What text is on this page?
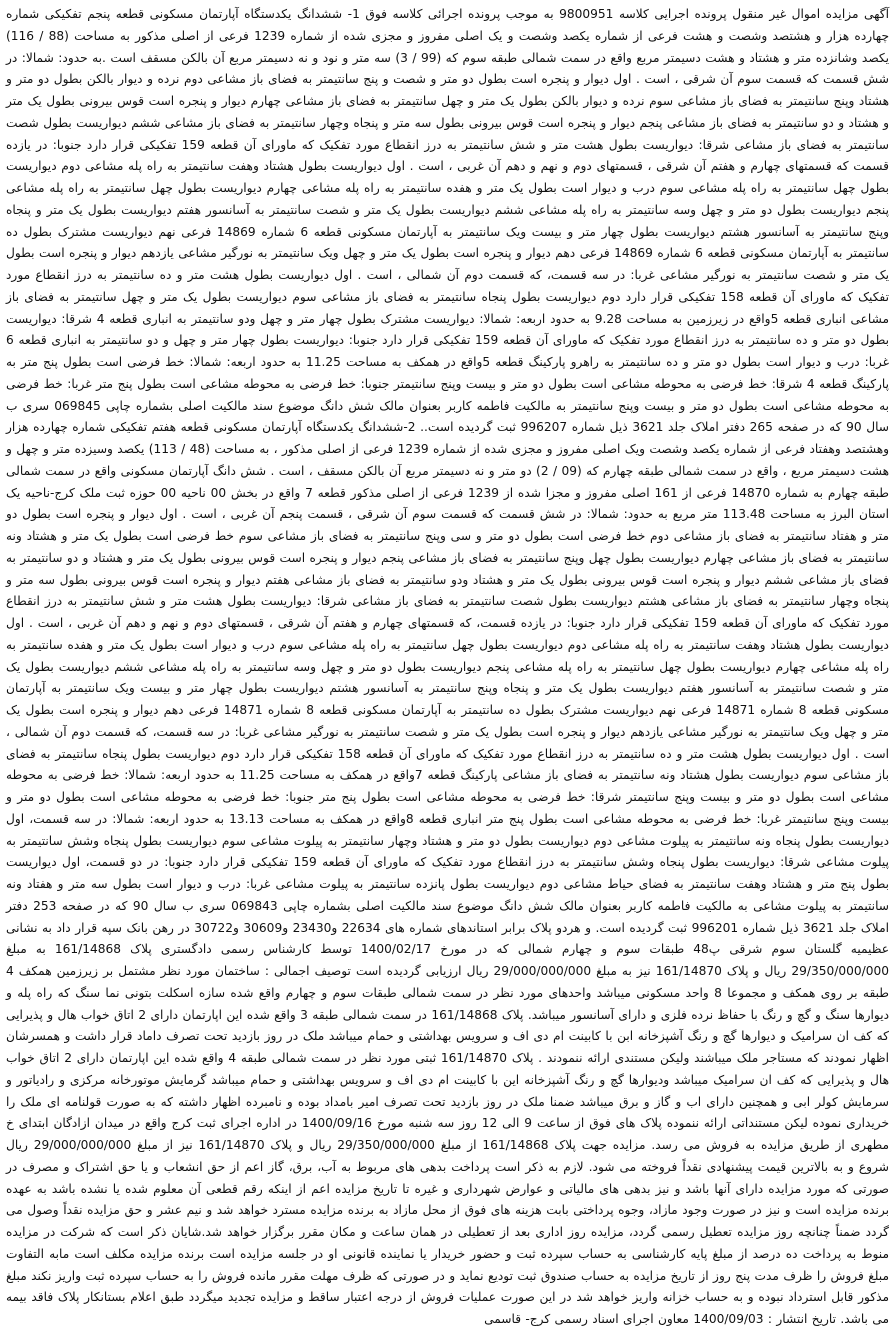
آگهی مزایده اموال غیر منقول پرونده اجرایی کلاسه 9800951 به موجب پرونده اجرائی کلاسه فوق 1- ششدانگ یکدستگاه آپارتمان مسکونی قطعه پنجم تفکیکی شماره چهارده هزار و هشتصد وشصت و هشت فرعی از شماره یکصد وشصت و یک اصلی مفروز و مجزی شده از شماره 1239 فرعی از اصلی مذکور به مساحت (88 / 116) یکصد وشانزده متر و هشتاد و هشت دسیمتر مربع واقع در سمت شمالی طبقه سوم که (99 / 3) سه متر و نود و نه دسیمتر مربع آن بالکن مسقف است .به حدود: شمالا: در شش قسمت که قسمت سوم آن شرقی ، است . اول دیوار و پنجره است بطول دو متر و شصت و پنج سانتیمتر به فضای باز مشاعی دوم نرده و دیوار بالکن بطول دو متر و هشتاد وپنج سانتیمتر به فضای باز مشاعی سوم نرده و دیوار بالکن بطول یک متر و چهل سانتیمتر به فضای باز مشاعی چهارم دیوار و پنجره است قوس بیرونی بطول یک متر و هشتاد و دو سانتیمتر به فضای باز مشاعی پنجم دیوار و پنجره است قوس بیرونی بطول سه متر و پنجاه وچهار سانتیمتر به فضای باز مشاعی ششم دیواریست بطول شصت سانتیمتر به فضای باز مشاعی شرقا: دیواریست بطول هشت متر و شش سانتیمتر به درز انقطاع مورد تفکیک که ماورای آن قطعه 159 تفکیکی قرار دارد جنوبا: در یازده قسمت که قسمتهای چهارم و هفتم آن شرقی ، قسمتهای دوم و نهم و دهم آن غربی ، است . اول دیواریست بطول هشتاد وهفت سانتیمتر به راه پله مشاعی دوم دیواریست بطول چهل سانتیمتر به راه پله مشاعی سوم درب و دیوار است بطول یک متر و هفده سانتیمتر به راه پله مشاعی چهارم دیواریست بطول چهل سانتیمتر به راه پله مشاعی پنجم دیواریست بطول دو متر و چهل وسه سانتیمتر به راه پله مشاعی ششم دیواریست بطول یک متر و شصت سانتیمتر به آسانسور هفتم دیواریست بطول یک متر و پنجاه وپنج سانتیمتر به آسانسور هشتم دیواریست بطول چهار متر و بیست ویک سانتیمتر به آپارتمان مسکونی قطعه 6 شماره 14869 فرعی نهم دیواریست مشترک بطول ده سانتیمتر به آپارتمان مسکونی قطعه 6 شماره 14869 فرعی دهم دیوار و پنجره است بطول یک متر و چهل ویک سانتیمتر به نورگیر مشاعی یازدهم دیوار و پنجره است بطول یک متر و شصت سانتیمتر به نورگیر مشاعی غربا: در سه قسمت، که قسمت دوم آن شمالی ، است . اول دیواریست بطول هشت متر و ده سانتیمتر به درز انقطاع مورد تفکیک که ماورای آن قطعه 158 تفکیکی قرار دارد دوم دیواریست بطول پنجاه سانتیمتر به فضای باز مشاعی سوم دیواریست بطول یک متر و چهل سانتیمتر به فضای باز مشاعی انباری قطعه 5واقع در زیرزمین به مساحت 9.28 به حدود اربعه: شمالا: دیواریست مشترک بطول چهار متر و چهل ودو سانتیمتر به انباری قطعه 4 شرقا: دیواریست بطول دو متر و ده سانتیمتر به درز انقطاع مورد تفکیک که ماورای آن قطعه 159 تفکیکی قرار دارد جنوبا: دیواریست بطول چهار متر و چهل و دو سانتیمتر به انباری قطعه 6 غربا: درب و دیوار است بطول دو متر و ده سانتیمتر به راهرو پارکینگ قطعه 5واقع در همکف به مساحت 11.25 به حدود اربعه: شمالا: خط فرضی است بطول پنج متر به پارکینگ قطعه 4 شرقا: خط فرضی به محوطه مشاعی است بطول دو متر و بیست وپنج سانتیمتر جنوبا: خط فرضی به محوطه مشاعی است بطول پنج متر غربا: خط فرضی به محوطه مشاعی است بطول دو متر و بیست وپنج سانتیمتر به مالکیت فاطمه کاربر بعنوان مالک شش دانگ موضوع سند مالکیت اصلی بشماره چاپی 069845 سری ب سال 90 که در صفحه 265 دفتر املاک جلد 3621 ذیل شماره 996207 ثبت گردیده است.. 2-ششدانگ یکدستگاه آپارتمان مسکونی قطعه هفتم تفکیکی شماره چهارده هزار وهشتصد وهفتاد فرعی از شماره یکصد وشصت ویک اصلی مفروز و مجزی شده از شماره 1239 فرعی از اصلی مذکور ، به مساحت (48 / 113) یکصد وسیزده متر و چهل و هشت دسیمتر مربع ، واقع در سمت شمالی طبقه چهارم که (09 / 2) دو متر و نه دسیمتر مربع آن بالکن مسقف ، است . شش دانگ آپارتمان مسکونی واقع در سمت شمالی طبقه چهارم به شماره 14870 فرعی از 161 اصلی مفروز و مجزا شده از 1239 فرعی از اصلی مذکور قطعه 7 واقع در بخش 00 ناحیه 00 حوزه ثبت ملک کرج-ناحیه یک استان البرز به مساحت 113.48 متر مربع به حدود: شمالا: در شش قسمت که قسمت سوم آن شرقی ، قسمت پنجم آن غربی ، است . اول دیوار و پنجره است بطول دو متر و هفتاد سانتیمتر به فضای باز مشاعی دوم خط فرضی است بطول دو متر و سی وپنج سانتیمتر به فضای باز مشاعی سوم خط فرضی است بطول یک متر و هشتاد ونه سانتیمتر به فضای باز مشاعی چهارم دیواریست بطول چهل وپنج سانتیمتر به فضای باز مشاعی پنجم دیوار و پنجره است قوس بیرونی بطول یک متر و هشتاد و دو سانتیمتر به فضای باز مشاعی ششم دیوار و پنجره است قوس بیرونی بطول یک متر و هشتاد ودو سانتیمتر به فضای باز مشاعی هفتم دیوار و پنجره است قوس بیرونی بطول سه متر و پنجاه وچهار سانتیمتر به فضای باز مشاعی هشتم دیواریست بطول شصت سانتیمتر به فضای باز مشاعی شرقا: دیواریست بطول هشت متر و شش سانتیمتر به درز انقطاع مورد تفکیک که ماورای آن قطعه 159 تفکیکی قرار دارد جنوبا: در یازده قسمت، که قسمتهای چهارم و هفتم آن شرقی ، قسمتهای دوم و نهم و دهم آن غربی ، است . اول دیواریست بطول هشتاد وهفت سانتیمتر به راه پله مشاعی دوم دیواریست بطول چهل سانتیمتر به راه پله مشاعی سوم درب و دیوار است بطول یک متر و هفده سانتیمتر به راه پله مشاعی چهارم دیواریست بطول چهل سانتیمتر به راه پله مشاعی پنجم دیواریست بطول دو متر و چهل وسه سانتیمتر به راه پله مشاعی ششم دیواریست بطول یک متر و شصت سانتیمتر به آسانسور هفتم دیواریست بطول یک متر و پنجاه وپنج سانتیمتر به آسانسور هشتم دیواریست بطول چهار متر و بیست ویک سانتیمتر به آپارتمان مسکونی قطعه 8 شماره 14871 فرعی نهم دیواریست مشترک بطول ده سانتیمتر به آپارتمان مسکونی قطعه 8 شماره 14871 فرعی دهم دیوار و پنجره است بطول یک متر و چهل ویک سانتیمتر به نورگیر مشاعی یازدهم دیوار و پنجره است بطول یک متر و شصت سانتیمتر به نورگیر مشاعی غربا: در سه قسمت، که قسمت دوم آن شمالی ، است . اول دیواریست بطول هشت متر و ده سانتیمتر به درز انقطاع مورد تفکیک که ماورای آن قطعه 158 تفکیکی قرار دارد دوم دیواریست بطول پنجاه سانتیمتر به فضای باز مشاعی سوم دیواریست بطول هشتاد ونه سانتیمتر به فضای باز مشاعی پارکینگ قطعه 7واقع در همکف به مساحت 11.25 به حدود اربعه: شمالا: خط فرضی به محوطه مشاعی است بطول دو متر و بیست وپنج سانتیمتر شرقا: خط فرضی به محوطه مشاعی است بطول پنج متر جنوبا: خط فرضی به محوطه مشاعی است بطول دو متر و بیست وپنج سانتیمتر غربا: خط فرضی به محوطه مشاعی است بطول پنج متر انباری قطعه 8واقع در همکف به مساحت 13.13 به حدود اربعه: شمالا: در سه قسمت، اول دیواریست بطول پنجاه ونه سانتیمتر به پیلوت مشاعی دوم دیواریست بطول دو متر و هشتاد وچهار سانتیمتر به پیلوت مشاعی سوم دیواریست بطول پنجاه وشش سانتیمتر به پیلوت مشاعی شرقا: دیواریست بطول پنجاه وشش سانتیمتر به درز انقطاع مورد تفکیک که ماورای آن قطعه 159 تفکیکی قرار دارد جنوبا: در دو قسمت، اول دیواریست بطول پنج متر و هشتاد وهفت سانتیمتر به فضای حیاط مشاعی دوم دیواریست بطول پانزده سانتیمتر به پیلوت مشاعی غربا: درب و دیوار است بطول سه متر و هفتاد ونه سانتیمتر به پیلوت مشاعی به مالکیت فاطمه کاربر بعنوان مالک شش دانگ موضوع سند مالکیت اصلی بشماره چاپی 069843 سری ب سال 90 که در صفحه 253 دفتر املاک جلد 3621 ذیل شماره 996201 ثبت گردیده است. و هردو پلاک برابر استاندهای شماره های 22634 و23430 و30609 و30722 در رهن بانک سپه قرار داد به نشانی عظیمیه گلستان سوم شرقی پ48 طبقات سوم و چهارم شمالی که در مورخ 1400/02/17 توسط کارشناس رسمی دادگستری پلاک 161/14868 به مبلغ 29/350/000/000 ریال و پلاک 161/14870 نیز به مبلغ 29/000/000/000 ریال ارزیابی گردیده است توصیف اجمالی : ساختمان مورد نظر مشتمل بر زیرزمین همکف 4 طبقه بر روی همکف و مجموعا 8 واحد مسکونی میباشد واحدهای مورد نظر در سمت شمالی طبقات سوم و چهارم واقع شده سازه اسکلت بتونی نما سنگ که راه پله و دیوارها سنگ و گچ و رنگ با حفاظ نرده فلزی و دارای آسانسور میباشد. پلاک 161/14868 در سمت شمالی طبقه 3 واقع شده این اپارتمان دارای 2 اتاق خواب هال و پذیرایی که کف ان سرامیک و دیوارها گچ و رنگ آشپزخانه ابن با کابینت ام دی اف و سرویس بهداشتی و حمام میباشد ملک در روز بازدید تحت تصرف داماد قرار داشت و همسرشان اظهار نمودند که مستاجر ملک میباشند ولیکن مستندی ارائه ننمودند . پلاک 161/14870 ثبتی مورد نظر در سمت شمالی طبقه 4 واقع شده این اپارتمان دارای 2 اتاق خواب هال و پذیرایی که کف ان سرامیک میباشد ودیوارها گچ و رنگ آشپزخانه این با کابینت ام دی اف و سرویس بهداشتی و حمام میباشد گرمایش موتورخانه مرکزی و رادیاتور و سرمایش کولر ابی و همچنین دارای اب و گاز و برق میباشد ضمنا ملک در روز بازدید تحت تصرف امیر بامداد بوده و نامبرده اظهار داشته که به صورت قولنامه ای ملک را خریداری نموده لیکن مستنداتی ارائه ننموده پلاک های فوق از ساعت 9 الی 12 روز سه شنبه مورخ 1400/09/16 در اداره اجرای ثبت کرج واقع در میدان ازادگان ابتدای خ مطهری از طریق مزایده به فروش می رسد. مزایده جهت پلاک 161/14868 از مبلغ 29/350/000/000 ریال و پلاک 161/14870 نیز از مبلغ 29/000/000/000 ریال شروع و به بالاترین قیمت پیشنهادی نقداً فروخته می شود. لازم به ذکر است پرداخت بدهی های مربوط به آب، برق، گاز اعم از حق انشعاب و یا حق اشتراک و مصرف در صورتی که مورد مزایده دارای آنها باشد و نیز بدهی های مالیاتی و عوارض شهرداری و غیره تا تاریخ مزایده اعم از اینکه رقم قطعی آن معلوم شده یا نشده باشد به عهده برنده مزایده است و نیز در صورت وجود مازاد، وجوه پرداختی بابت هزینه های فوق از محل مازاد به برنده مزایده مسترد خواهد شد و نیم عشر و حق مزایده نقداً وصول می گردد ضمناً چنانچه روز مزایده تعطیل رسمی گردد، مزایده روز اداری بعد از تعطیلی در همان ساعت و مکان مقرر برگزار خواهد شد.شایان ذکر است که شرکت در مزایده منوط به پرداخت ده درصد از مبلغ پایه کارشناسی به حساب سپرده ثبت و حضور خریدار یا نماینده قانونی او در جلسه مزایده است برنده مزایده مکلف است مابه التفاوت مبلغ فروش را ظرف مدت پنج روز از تاریخ مزایده به حساب صندوق ثبت تودیع نماید و در صورتی که ظرف مهلت مقرر مانده فروش را به حساب سپرده ثبت واریز نکند مبلغ مذکور قابل استرداد نبوده و به حساب خزانه واریز خواهد شد در این صورت عملیات فروش از درجه اعتبار ساقط و مزایده تجدید میگردد طبق اعلام بستانکار پلاک فاقد بیمه می باشد. تاریخ انتشار : 1400/09/03 معاون اجرای اسناد رسمی کرج- قاسمی
